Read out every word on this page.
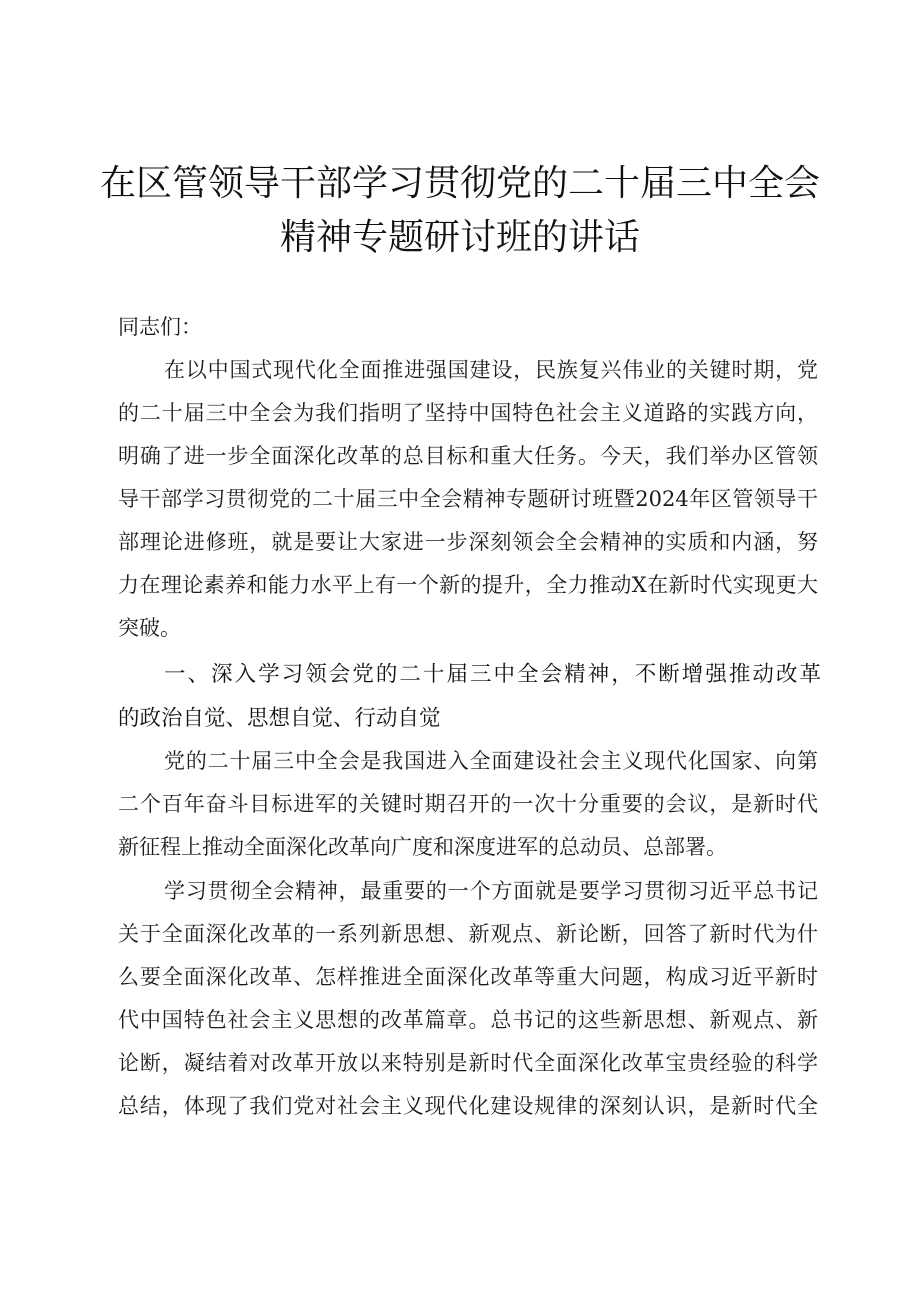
在区管领导干部学习贯彻党的二十届三中全会
精神专题研讨班的讲话

同志们：

在以中国式现代化全面推进强国建设，民族复兴伟业的关键时期，党

的二十届三中全会为我们指明了坚持中国特色社会主义道路的实践方向，

明确了进一步全面深化改革的总目标和重大任务。今天，我们举办区管领

导干部学习贯彻党的二十届三中全会精神专题研讨班暨2024年区管领导干

部理论进修班，就是要让大家进一步深刻领会全会精神的实质和内涵，努

力在理论素养和能力水平上有一个新的提升，全力推动X在新时代实现更大

突破。

一、深入学习领会党的二十届三中全会精神，不断增强推动改革

的政治自觉、思想自觉、行动自觉

党的二十届三中全会是我国进入全面建设社会主义现代化国家、向第

二个百年奋斗目标进军的关键时期召开的一次十分重要的会议，是新时代

新征程上推动全面深化改革向广度和深度进军的总动员、总部署。

学习贯彻全会精神，最重要的一个方面就是要学习贯彻习近平总书记

关于全面深化改革的一系列新思想、新观点、新论断，回答了新时代为什

么要全面深化改革、怎样推进全面深化改革等重大问题，构成习近平新时

代中国特色社会主义思想的改革篇章。总书记的这些新思想、新观点、新

论断，凝结着对改革开放以来特别是新时代全面深化改革宝贵经验的科学

总结，体现了我们党对社会主义现代化建设规律的深刻认识，是新时代全
